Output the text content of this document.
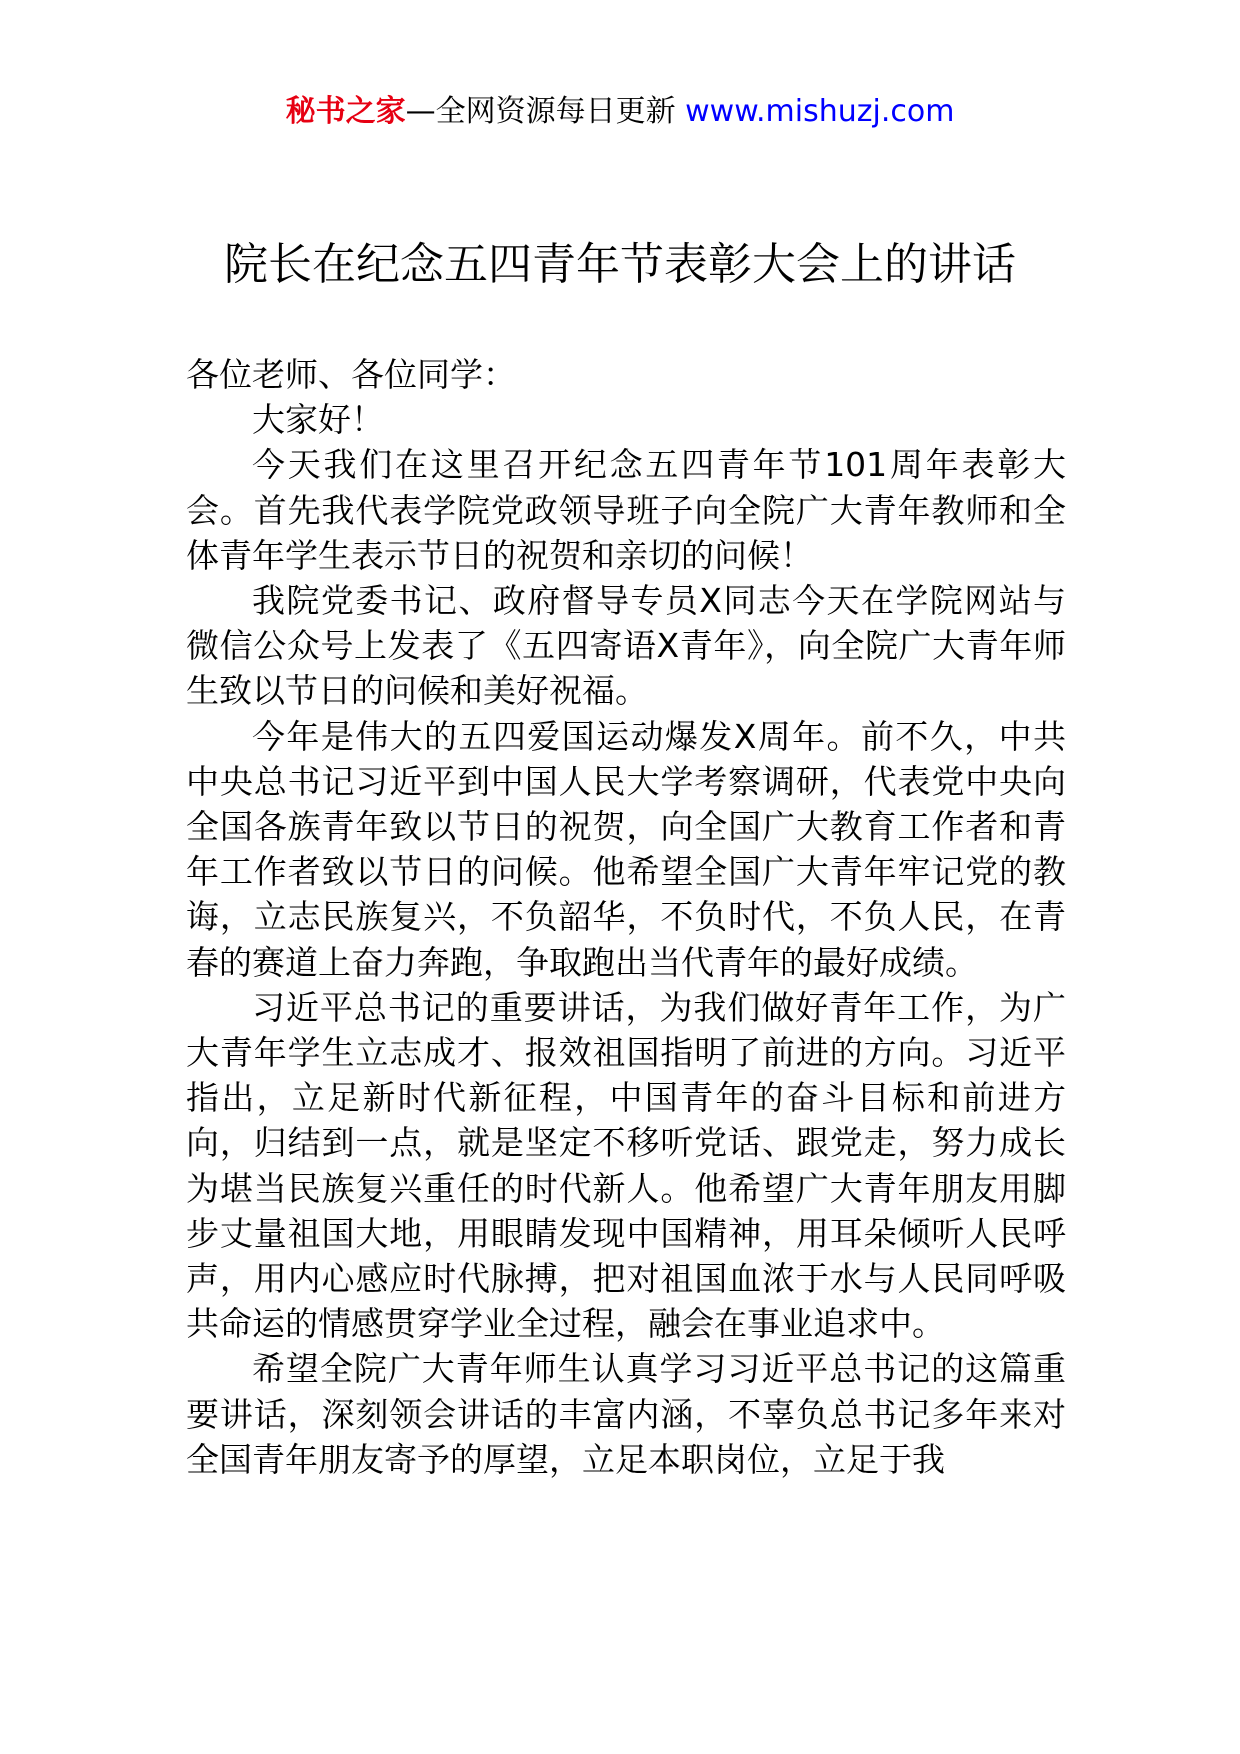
秘书之家—全网资源每日更新 www.mishuzj.com
院长在纪念五四青年节表彰大会上的讲话

各位老师、各位同学：

大家好！

今天我们在这里召开纪念五四青年节101周年表彰大会。首先我代表学院党政领导班子向全院广大青年教师和全体青年学生表示节日的祝贺和亲切的问候！

我院党委书记、政府督导专员X同志今天在学院网站与微信公众号上发表了《五四寄语X青年》，向全院广大青年师生致以节日的问候和美好祝福。

今年是伟大的五四爱国运动爆发X周年。前不久，中共中央总书记习近平到中国人民大学考察调研，代表党中央向全国各族青年致以节日的祝贺，向全国广大教育工作者和青年工作者致以节日的问候。他希望全国广大青年牢记党的教诲，立志民族复兴，不负韶华，不负时代，不负人民，在青春的赛道上奋力奔跑，争取跑出当代青年的最好成绩。

习近平总书记的重要讲话，为我们做好青年工作，为广大青年学生立志成才、报效祖国指明了前进的方向。习近平指出，立足新时代新征程，中国青年的奋斗目标和前进方向，归结到一点，就是坚定不移听党话、跟党走，努力成长为堪当民族复兴重任的时代新人。他希望广大青年朋友用脚步丈量祖国大地，用眼睛发现中国精神，用耳朵倾听人民呼声，用内心感应时代脉搏，把对祖国血浓于水与人民同呼吸共命运的情感贯穿学业全过程，融会在事业追求中。

希望全院广大青年师生认真学习习近平总书记的这篇重要讲话，深刻领会讲话的丰富内涵，不辜负总书记多年来对全国青年朋友寄予的厚望，立足本职岗位，立足于我
